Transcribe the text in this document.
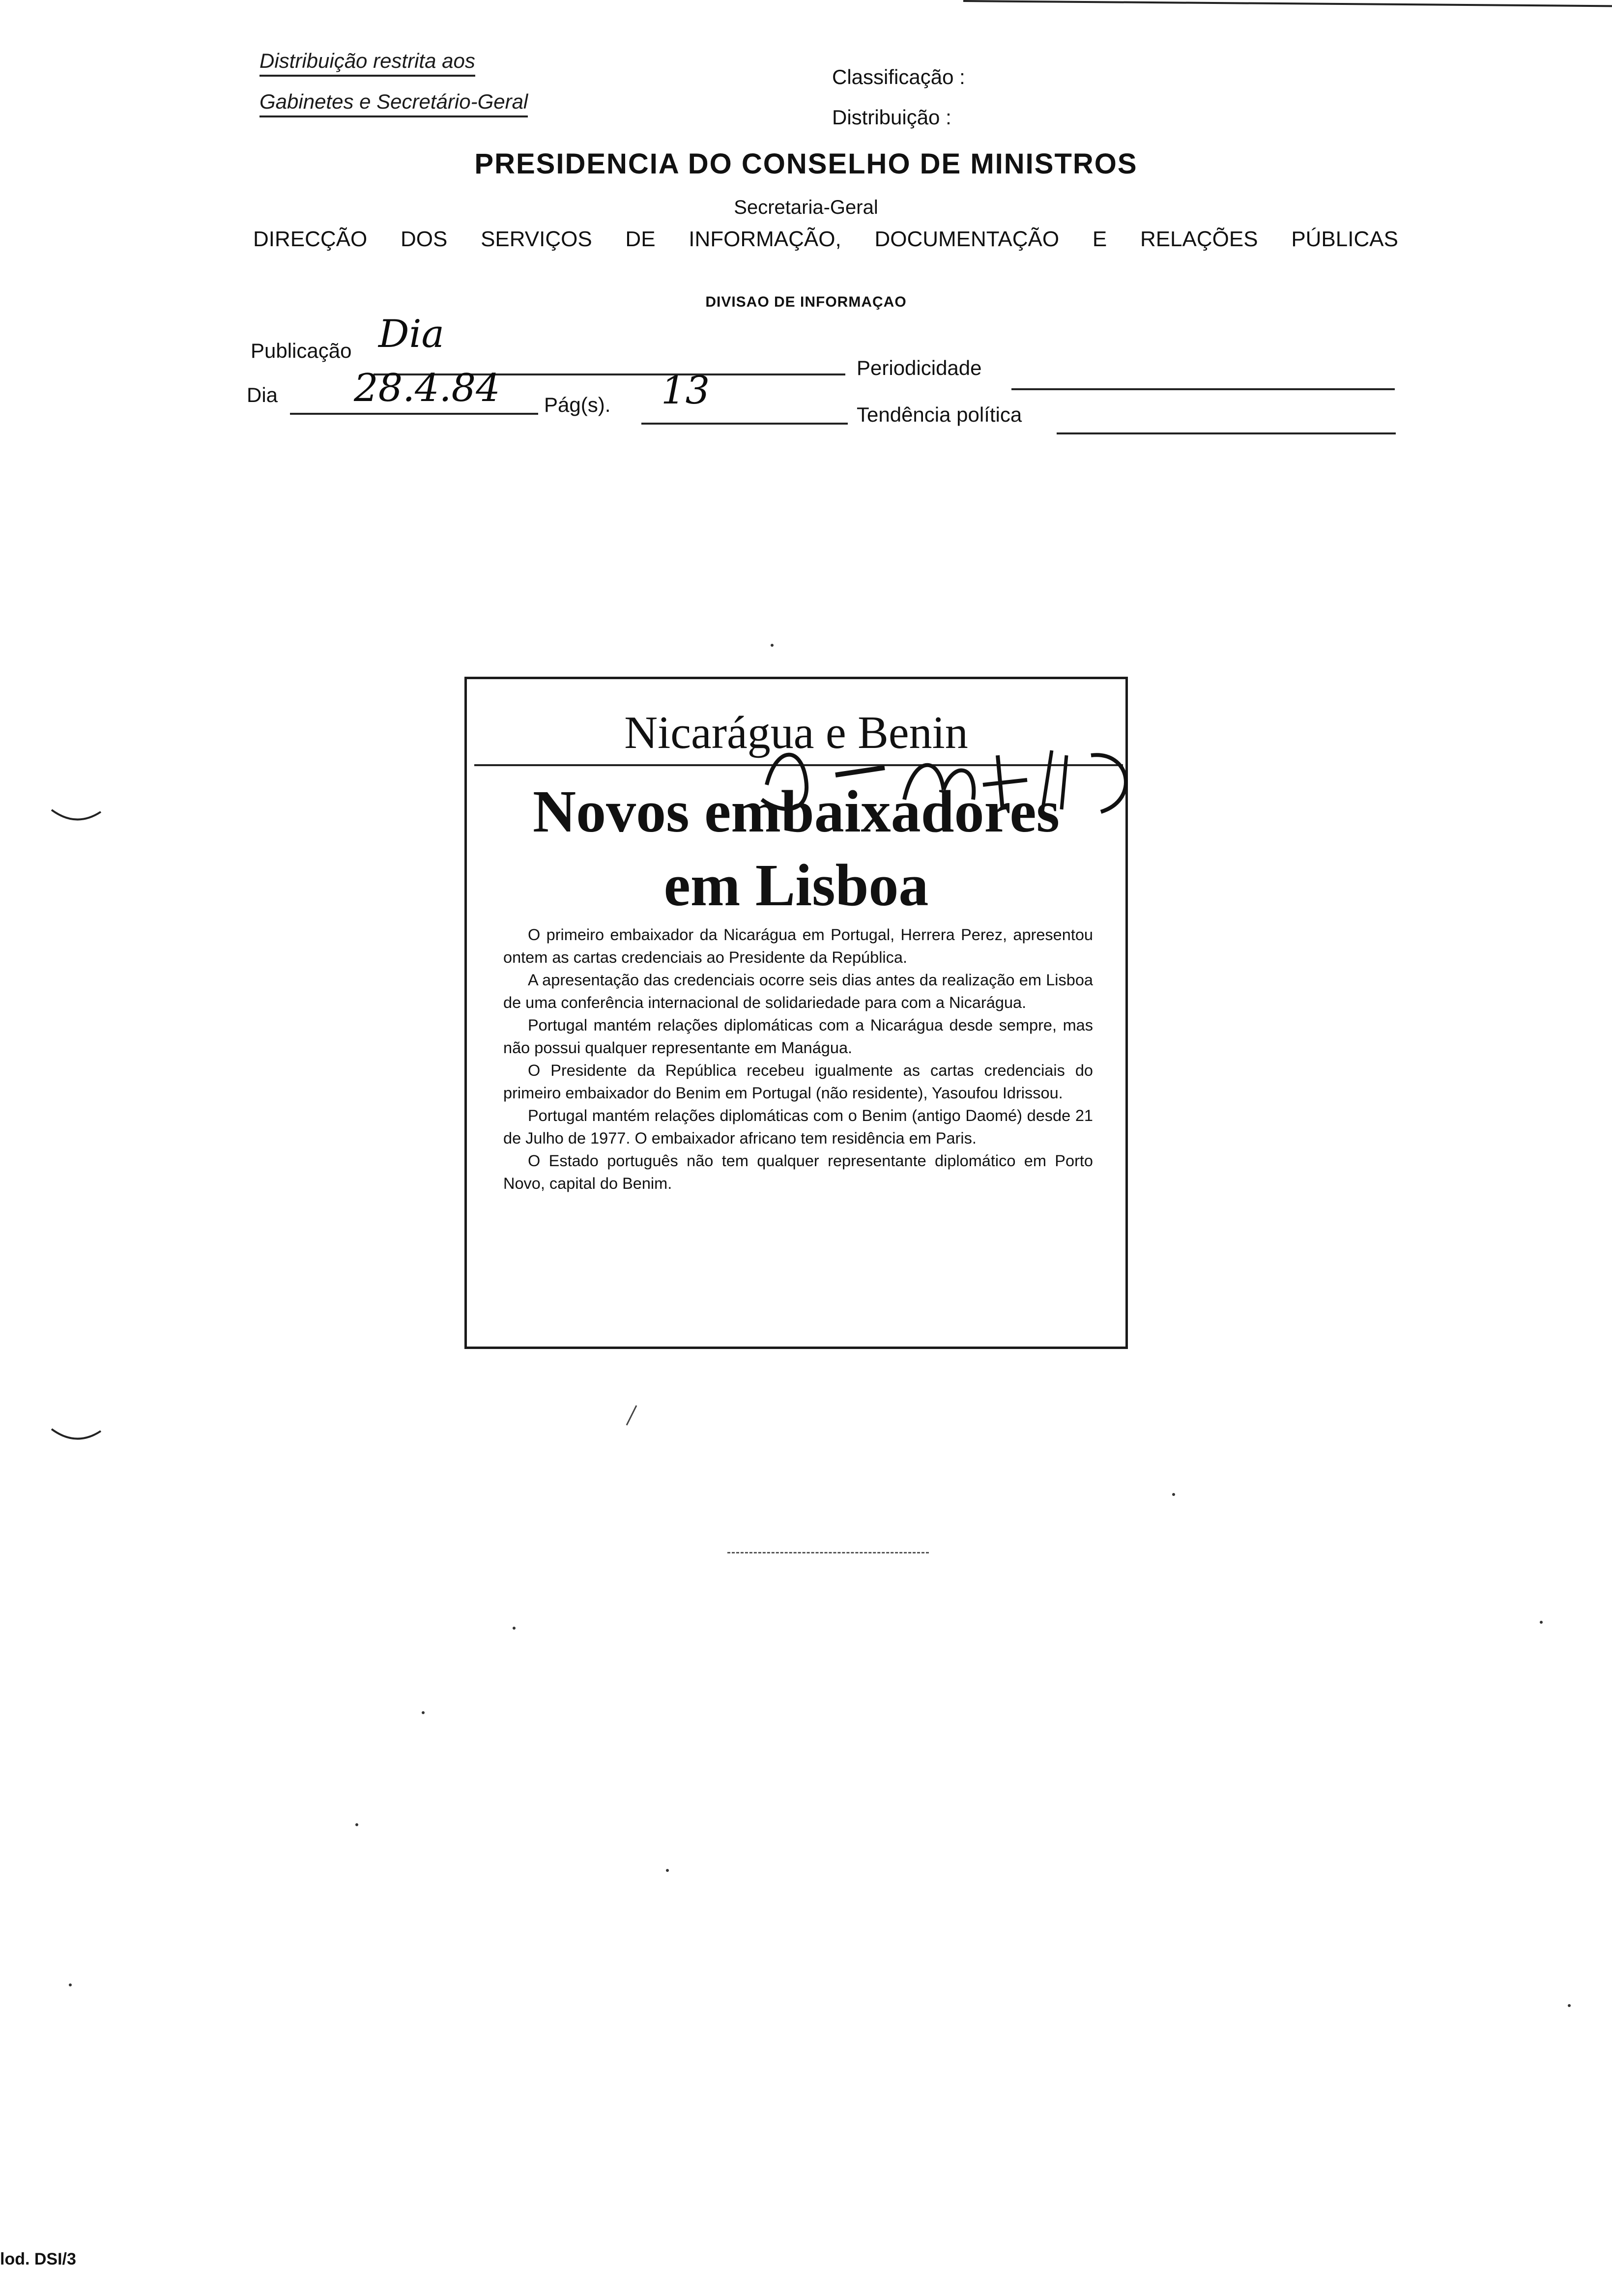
Distribuição restrita aos
Gabinetes e Secretário-Geral
Classificação :
Distribuição :
PRESIDENCIA DO CONSELHO DE MINISTROS
Secretaria-Geral
DIRECÇÃO DOS SERVIÇOS DE INFORMAÇÃO, DOCUMENTAÇÃO E RELAÇÕES PÚBLICAS
DIVISAO DE INFORMAÇAO
Publicação Dia
Periodicidade
Dia 28.4.84 Pág(s). 13
Tendência política
Nicarágua e Benin
Novos embaixadores
em Lisboa

O primeiro embaixador da Nicarágua em Portugal, Herrera Perez, apresentou ontem as cartas credenciais ao Presidente da República.

A apresentação das credenciais ocorre seis dias antes da realização em Lisboa de uma conferência internacional de solidariedade para com a Nicarágua.

Portugal mantém relações diplomáticas com a Nicarágua desde sempre, mas não possui qualquer representante em Manágua.

O Presidente da República recebeu igualmente as cartas credenciais do primeiro embaixador do Benim em Portugal (não residente), Yasoufou Idrissou.

Portugal mantém relações diplomáticas com o Benim (antigo Daomé) desde 21 de Julho de 1977. O embaixador africano tem residência em Paris.

O Estado português não tem qualquer representante diplomático em Porto Novo, capital do Benim.

lod. DSI/3
